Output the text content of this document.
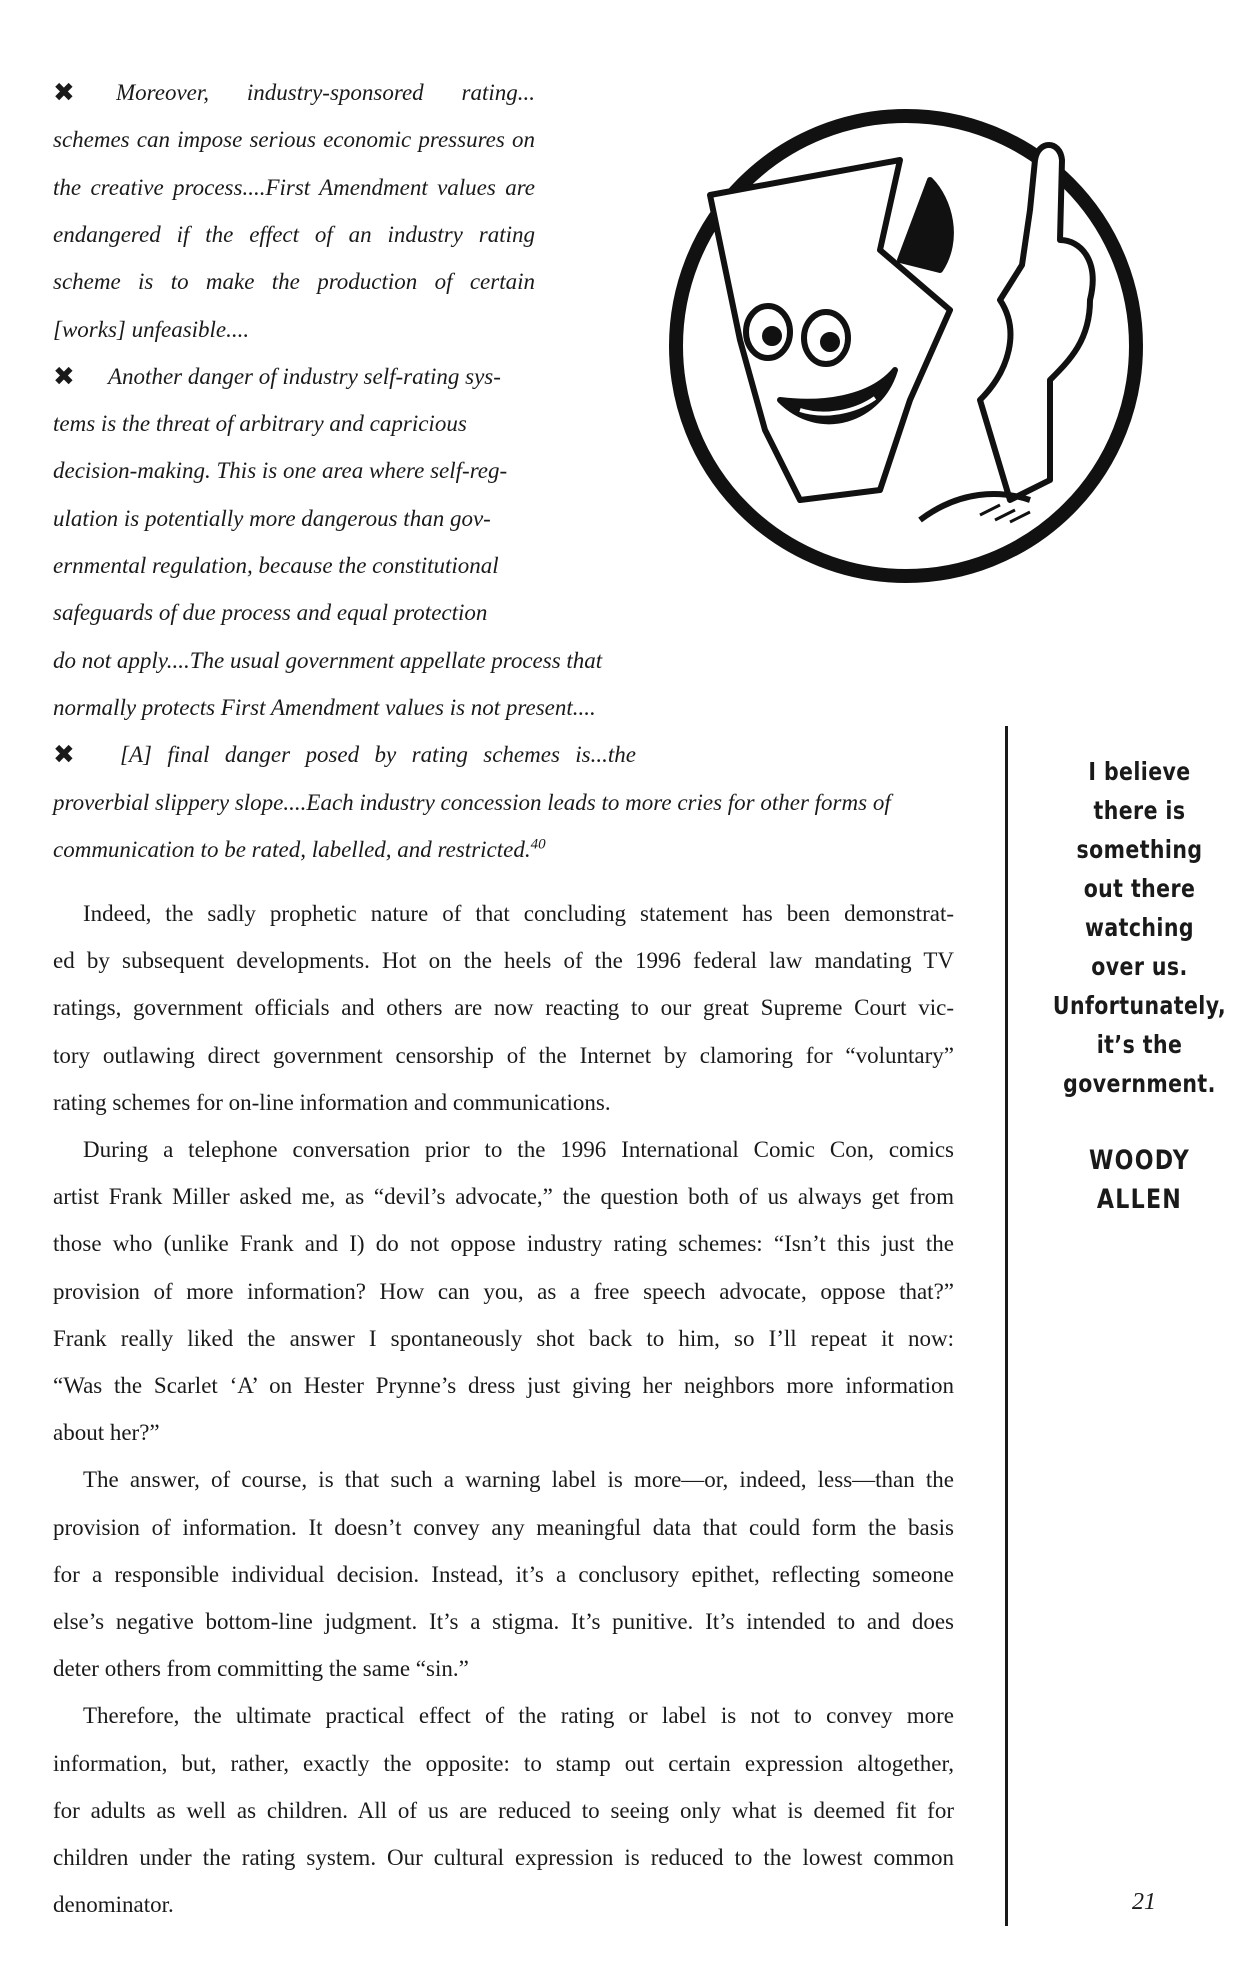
✖ Moreover, industry-sponsored rating...
schemes can impose serious economic pressures on
the creative process....First Amendment values are
endangered if the effect of an industry rating
scheme is to make the production of certain
[works] unfeasible....
✖ Another danger of industry self-rating sys-
tems is the threat of arbitrary and capricious
decision-making. This is one area where self-reg-
ulation is potentially more dangerous than gov-
ernmental regulation, because the constitutional
safeguards of due process and equal protection
do not apply....The usual government appellate process that
normally protects First Amendment values is not present....
✖ [A] final danger posed by rating schemes is...the
proverbial slippery slope....Each industry concession leads to more cries for other forms of
communication to be rated, labelled, and restricted.$^{40}$
Indeed, the sadly prophetic nature of that concluding statement has been demonstrat-
ed by subsequent developments. Hot on the heels of the 1996 federal law mandating TV
ratings, government officials and others are now reacting to our great Supreme Court vic-
tory outlawing direct government censorship of the Internet by clamoring for “voluntary”
rating schemes for on-line information and communications.
During a telephone conversation prior to the 1996 International Comic Con, comics
artist Frank Miller asked me, as “devil’s advocate,” the question both of us always get from
those who (unlike Frank and I) do not oppose industry rating schemes: “Isn’t this just the
provision of more information? How can you, as a free speech advocate, oppose that?”
Frank really liked the answer I spontaneously shot back to him, so I’ll repeat it now:
“Was the Scarlet ‘A’ on Hester Prynne’s dress just giving her neighbors more information
about her?”
The answer, of course, is that such a warning label is more—or, indeed, less—than the
provision of information. It doesn’t convey any meaningful data that could form the basis
for a responsible individual decision. Instead, it’s a conclusory epithet, reflecting someone
else’s negative bottom-line judgment. It’s a stigma. It’s punitive. It’s intended to and does
deter others from committing the same “sin.”
Therefore, the ultimate practical effect of the rating or label is not to convey more
information, but, rather, exactly the opposite: to stamp out certain expression altogether,
for adults as well as children. All of us are reduced to seeing only what is deemed fit for
children under the rating system. Our cultural expression is reduced to the lowest common
denominator.
I believe
there is
something
out there
watching
over us.
Unfortunately,
it’s the
government.
WOODY
ALLEN
21
